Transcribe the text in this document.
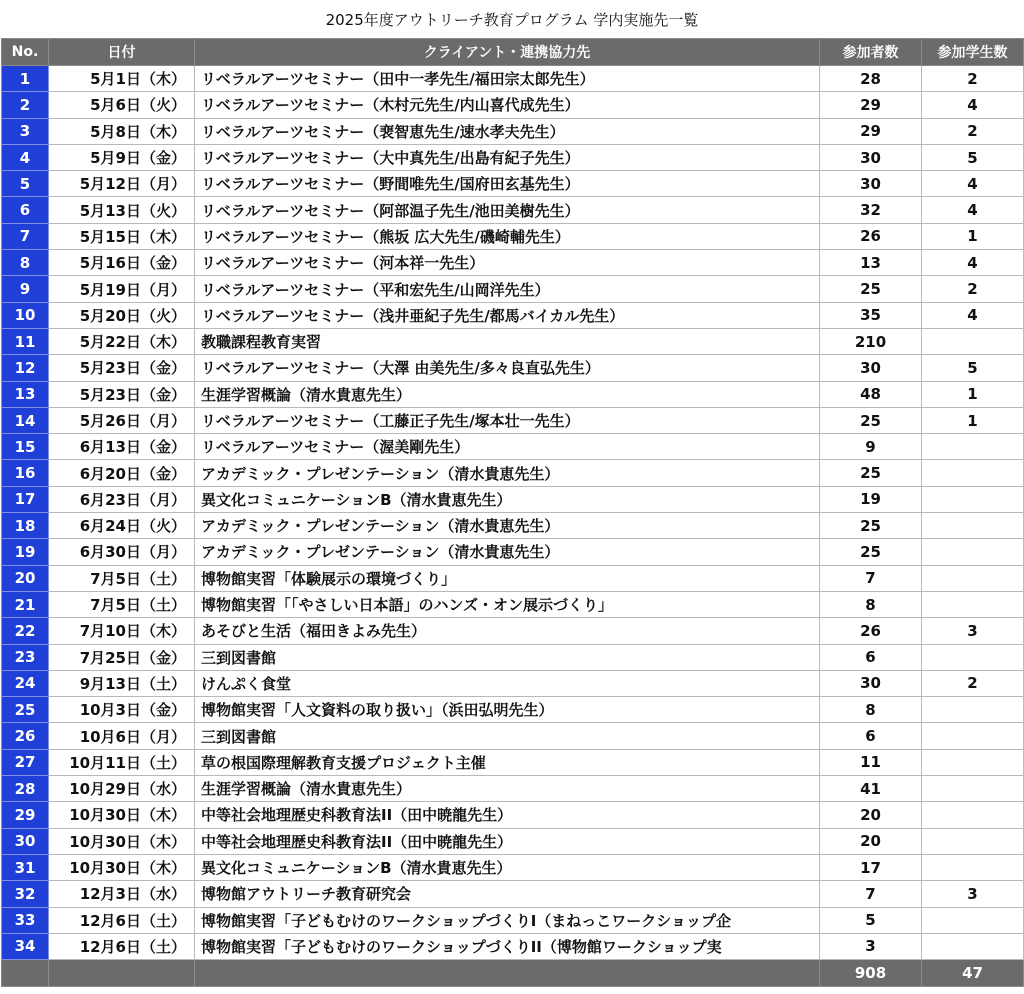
2025年度アウトリーチ教育プログラム 学内実施先一覧
No.	日付	クライアント・連携協力先	参加者数	参加学生数
1	5月1日（木）	リベラルアーツセミナー（田中一孝先生/福田宗太郎先生）	28	2
2	5月6日（火）	リベラルアーツセミナー（木村元先生/内山喜代成先生）	29	4
3	5月8日（木）	リベラルアーツセミナー（裵智恵先生/速水孝夫先生）	29	2
4	5月9日（金）	リベラルアーツセミナー（大中真先生/出島有紀子先生）	30	5
5	5月12日（月）	リベラルアーツセミナー（野間唯先生/国府田玄基先生）	30	4
6	5月13日（火）	リベラルアーツセミナー（阿部温子先生/池田美樹先生）	32	4
7	5月15日（木）	リベラルアーツセミナー（熊坂 広大先生/磯崎輔先生）	26	1
8	5月16日（金）	リベラルアーツセミナー（河本祥一先生）	13	4
9	5月19日（月）	リベラルアーツセミナー（平和宏先生/山岡洋先生）	25	2
10	5月20日（火）	リベラルアーツセミナー（浅井亜紀子先生/都馬バイカル先生）	35	4
11	5月22日（木）	教職課程教育実習	210	
12	5月23日（金）	リベラルアーツセミナー（大澤 由美先生/多々良直弘先生）	30	5
13	5月23日（金）	生涯学習概論（清水貴恵先生）	48	1
14	5月26日（月）	リベラルアーツセミナー（工藤正子先生/塚本壮一先生）	25	1
15	6月13日（金）	リベラルアーツセミナー（渥美剛先生）	9	
16	6月20日（金）	アカデミック・プレゼンテーション（清水貴恵先生）	25	
17	6月23日（月）	異文化コミュニケーションB（清水貴恵先生）	19	
18	6月24日（火）	アカデミック・プレゼンテーション（清水貴恵先生）	25	
19	6月30日（月）	アカデミック・プレゼンテーション（清水貴恵先生）	25	
20	7月5日（土）	博物館実習「体験展示の環境づくり」	7	
21	7月5日（土）	博物館実習「「やさしい日本語」のハンズ・オン展示づくり」	8	
22	7月10日（木）	あそびと生活（福田きよみ先生）	26	3
23	7月25日（金）	三到図書館	6	
24	9月13日（土）	けんぷく食堂	30	2
25	10月3日（金）	博物館実習「人文資料の取り扱い」（浜田弘明先生）	8	
26	10月6日（月）	三到図書館	6	
27	10月11日（土）	草の根国際理解教育支援プロジェクト主催	11	
28	10月29日（水）	生涯学習概論（清水貴恵先生）	41	
29	10月30日（木）	中等社会地理歴史科教育法II（田中暁龍先生）	20	
30	10月30日（木）	中等社会地理歴史科教育法II（田中暁龍先生）	20	
31	10月30日（木）	異文化コミュニケーションB（清水貴恵先生）	17	
32	12月3日（水）	博物館アウトリーチ教育研究会	7	3
33	12月6日（土）	博物館実習「子どもむけのワークショップづくりI（まねっこワークショップ企	5	
34	12月6日（土）	博物館実習「子どもむけのワークショップづくりII（博物館ワークショップ実	3	
			908	47
